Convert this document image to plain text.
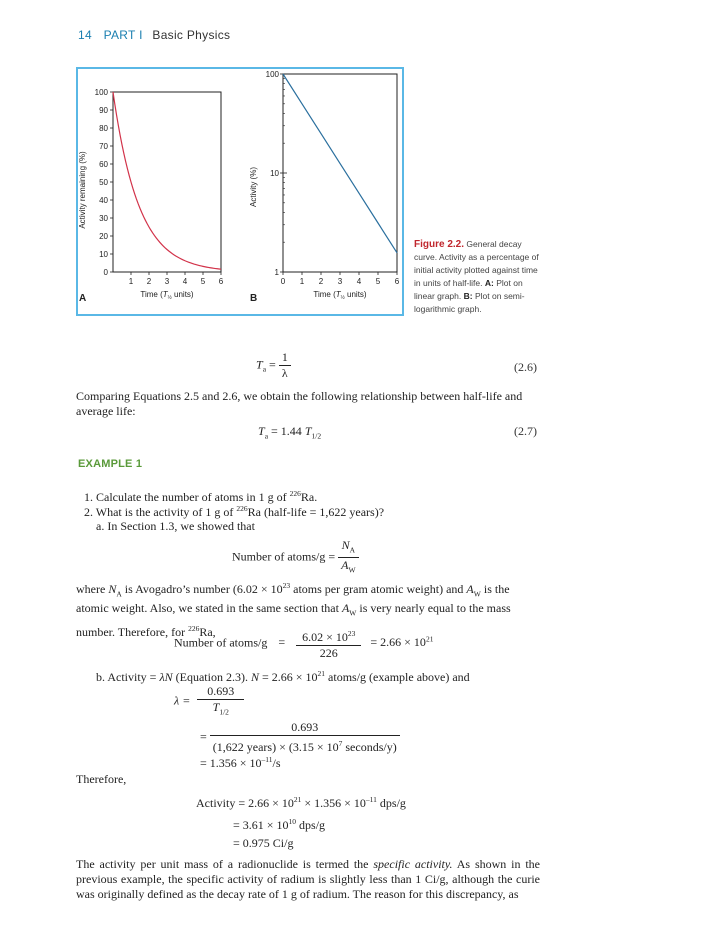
14 PART I Basic Physics
100
90
80
70
60
50
40
30
20
10
0
1 2 3 4 5 6
Time ($T_{\frac{1}{2}}$ units)
Activity remaining (%)
A
100
10
1
0 1 2 3 4 5 6
Time ($T_{\frac{1}{2}}$ units)
Activity (%)
B
Figure 2.2. General decay curve. Activity as a percentage of initial activity plotted against time in units of half-life. A: Plot on linear graph. B: Plot on semi-logarithmic graph.
$T_a = \frac{1}{\lambda}$	(2.6)
Comparing Equations 2.5 and 2.6, we obtain the following relationship between half-life and average life:
$T_a = 1.44$ $T_{1/2}$	(2.7)
EXAMPLE 1
1. Calculate the number of atoms in 1 g of $^{226}$Ra.
2. What is the activity of 1 g of $^{226}$Ra (half-life = 1,622 years)?
a. In Section 1.3, we showed that
Number of atoms/g = $\frac{N_A}{A_W}$
where $N_A$ is Avogadro’s number ($6.02 \times 10^{23}$ atoms per gram atomic weight) and $A_W$ is the atomic weight. Also, we stated in the same section that $A_W$ is very nearly equal to the mass number. Therefore, for $^{226}$Ra,
Number of atoms/g = $\frac{6.02 \times 10^{23}}{226} = 2.66 \times 10^{21}$
b. Activity = λN (Equation 2.3). $N = 2.66 \times 10^{21}$ atoms/g (example above) and
$\lambda = \frac{0.693}{T_{1/2}}$
= $\frac{0.693}{(1,622 years) \times (3.15 \times 10^7 seconds/y)}$
= $1.356 \times 10^{-11}/s$
Therefore,
Activity = $2.66 \times 10^{21} \times 1.356 \times 10^{-11}$ dps/g
= $3.61 \times 10^{10}$ dps/g
= 0.975 Ci/g
The activity per unit mass of a radionuclide is termed the specific activity. As shown in the previous example, the specific activity of radium is slightly less than 1 Ci/g, although the curie was originally defined as the decay rate of 1 g of radium. The reason for this discrepancy, as
